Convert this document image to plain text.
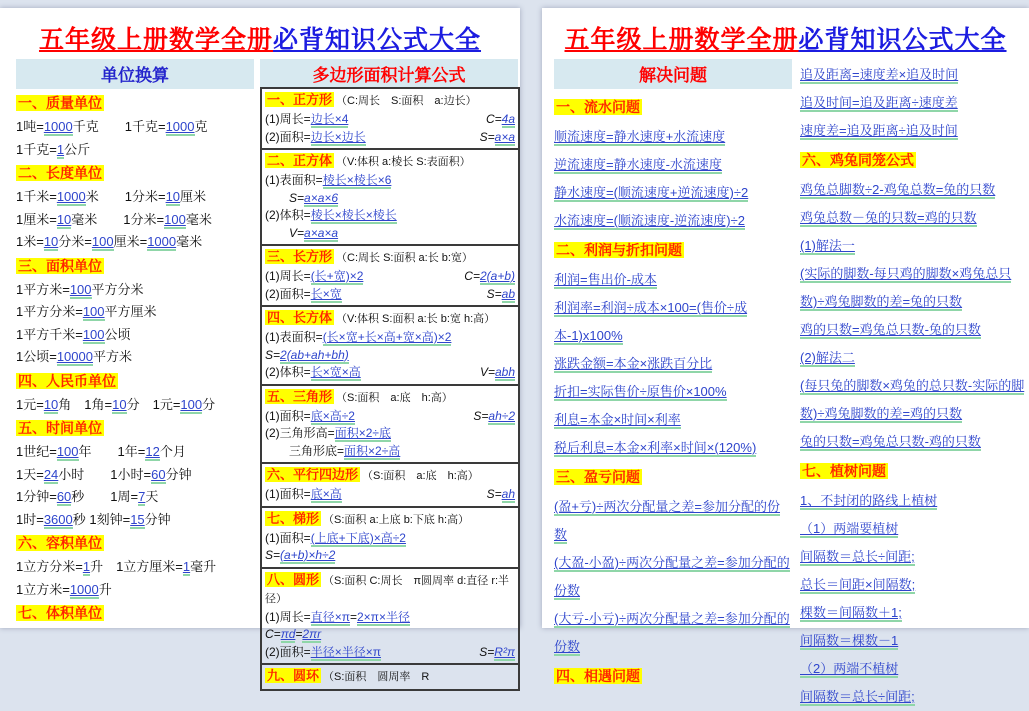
五年级上册数学全册必背知识公式大全
单位换算
一、质量单位
1吨=1000千克　　1千克=1000克
1千克=1公斤
二、长度单位
1千米=1000米　　1分米=10厘米
1厘米=10毫米　　1分米=100毫米
1米=10分米=100厘米=1000毫米
三、面积单位
1平方米=100平方分米
1平方分米=100平方厘米
1平方千米=100公顷
1公顷=10000平方米
四、人民币单位
1元=10角　1角=10分　1元=100分
五、时间单位
1世纪=100年　　1年=12个月
1天=24小时　　1小时=60分钟
1分钟=60秒　　1周=7天
1时=3600秒 1刻钟=15分钟
六、容积单位
1立方分米=1升　1立方厘米=1毫升
1立方米=1000升
七、体积单位
多边形面积计算公式
一、正方形 （C:周长　S:面积　a:边长）
C=4a
(1)周长=边长×4
S=a×a
(2)面积=边长×边长
二、正方体 （V:体积 a:棱长 S:表面积）
(1)表面积=棱长×棱长×6
　　S=a×a×6
(2)体积=棱长×棱长×棱长
　　V=a×a×a
三、长方形 （C:周长 S:面积 a:长 b:宽）
C=2(a+b)
(1)周长=(长+宽)×2
S=ab
(2)面积=长×宽
四、长方体 （V:体积 S:面积 a:长 b:宽 h:高）
(1)表面积=(长×宽+长×高+宽×高)×2　S=2(ab+ah+bh)
V=abh
(2)体积=长×宽×高
五、三角形 （S:面积　a:底　h:高）
S=ah÷2
(1)面积=底×高÷2
(2)三角形高=面积×2÷底
　　三角形底=面积×2÷高
六、平行四边形 （S:面积　a:底　h:高）
S=ah
(1)面积=底×高
七、梯形 （S:面积 a:上底 b:下底 h:高）
(1)面积=(上底+下底)×高÷2
S=(a+b)×h÷2
八、圆形 （S:面积 C:周长　π圆周率 d:直径 r:半径）
(1)周长=直径×π=2×π×半径
C=πd=2πr
S=R²π
(2)面积=半径×半径×π
九、圆环 （S:面积　圆周率　R
五年级上册数学全册必背知识公式大全
解决问题
一、流水问题
顺流速度=静水速度+水流速度
逆流速度=静水速度-水流速度
静水速度=(顺流速度+逆流速度)÷2
水流速度=(顺流速度-逆流速度)÷2
二、利润与折扣问题
利润=售出价-成本
利润率=利润÷成本×100=(售价÷成本-1)x100%
涨跌金额=本金×涨跌百分比
折扣=实际售价÷原售价×100%
利息=本金×时间×利率
税后利息=本金×利率×时间×(120%)
三、盈亏问题
(盈+亏)÷两次分配量之差=参加分配的份数
(大盈-小盈)÷两次分配量之差=参加分配的份数
(大亏-小亏)÷两次分配量之差=参加分配的份数
四、相遇问题
追及距离=速度差×追及时间
追及时间=追及距离÷速度差
速度差=追及距离÷追及时间
六、鸡兔同笼公式
鸡兔总脚数÷2-鸡兔总数=兔的只数
鸡兔总数－兔的只数=鸡的只数
(1)解法一
(实际的脚数-每只鸡的脚数×鸡兔总只数)÷鸡兔脚数的差=兔的只数
鸡的只数=鸡兔总只数-兔的只数
(2)解法二
(每只兔的脚数×鸡兔的总只数-实际的脚数)÷鸡兔脚数的差=鸡的只数
兔的只数=鸡兔总只数-鸡的只数
七、植树问题
1、不封闭的路线上植树
（1）两端要植树
间隔数＝总长÷间距;
总长＝间距×间隔数;
棵数＝间隔数＋1;
间隔数＝棵数－1
（2）两端不植树
间隔数＝总长÷间距;
